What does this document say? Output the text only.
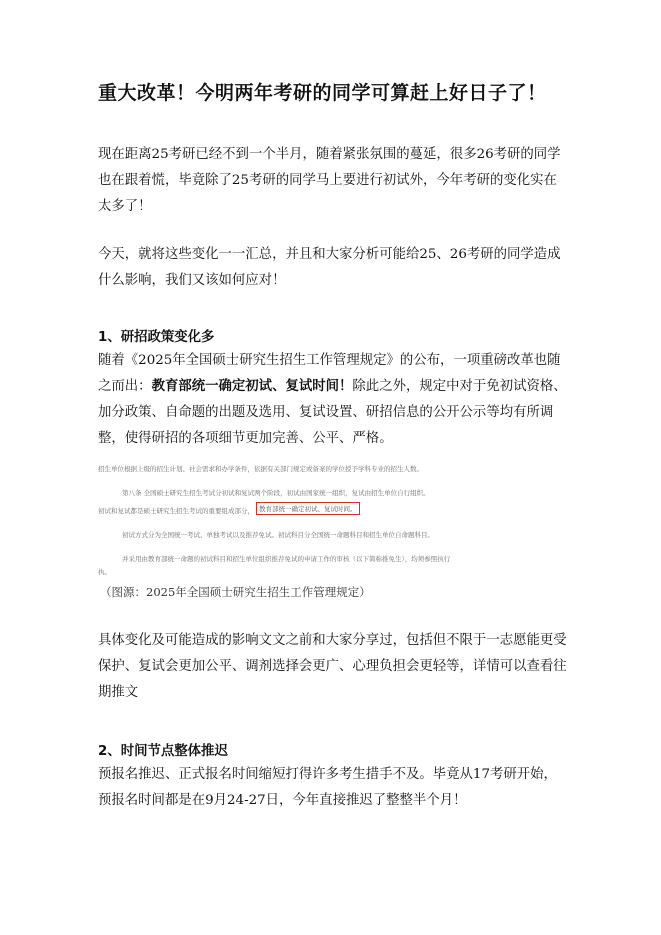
重大改革！今明两年考研的同学可算赶上好日子了！

现在距离25考研已经不到一个半月，随着紧张氛围的蔓延，很多26考研的同学也在跟着慌，毕竟除了25考研的同学马上要进行初试外，今年考研的变化实在太多了！

今天，就将这些变化一一汇总，并且和大家分析可能给25、26考研的同学造成什么影响，我们又该如何应对！

1、研招政策变化多

随着《2025年全国硕士研究生招生工作管理规定》的公布，一项重磅改革也随之而出：教育部统一确定初试、复试时间！除此之外，规定中对于免初试资格、加分政策、自命题的出题及选用、复试设置、研招信息的公开公示等均有所调整，使得研招的各项细节更加完善、公平、严格。

招生单位根据上级的招生计划、社会需求和办学条件，依据有关部门规定或备案的学位授予学科专业的招生人数。
第八条 全国硕士研究生招生考试分初试和复试两个阶段，初试由国家统一组织，复试由招生单位自行组织。
初试和复试都是硕士研究生招生考试的重要组成部分， 教育部统一确定初试、复试时间。
初试方式分为全国统一考试、单独考试以及推荐免试。初试科目分全国统一命题科目和招生单位自命题科目。
并采用由教育部统一命题的初试科目和招生单位组织推荐免试的申请工作的审核（以下简称推免生），均须参照执行
执。
（图源：2025年全国硕士研究生招生工作管理规定）

具体变化及可能造成的影响文文之前和大家分享过，包括但不限于一志愿能更受保护、复试会更加公平、调剂选择会更广、心理负担会更轻等，详情可以查看往期推文

2、时间节点整体推迟

预报名推迟、正式报名时间缩短打得许多考生措手不及。毕竟从17考研开始，预报名时间都是在9月24-27日，今年直接推迟了整整半个月！
